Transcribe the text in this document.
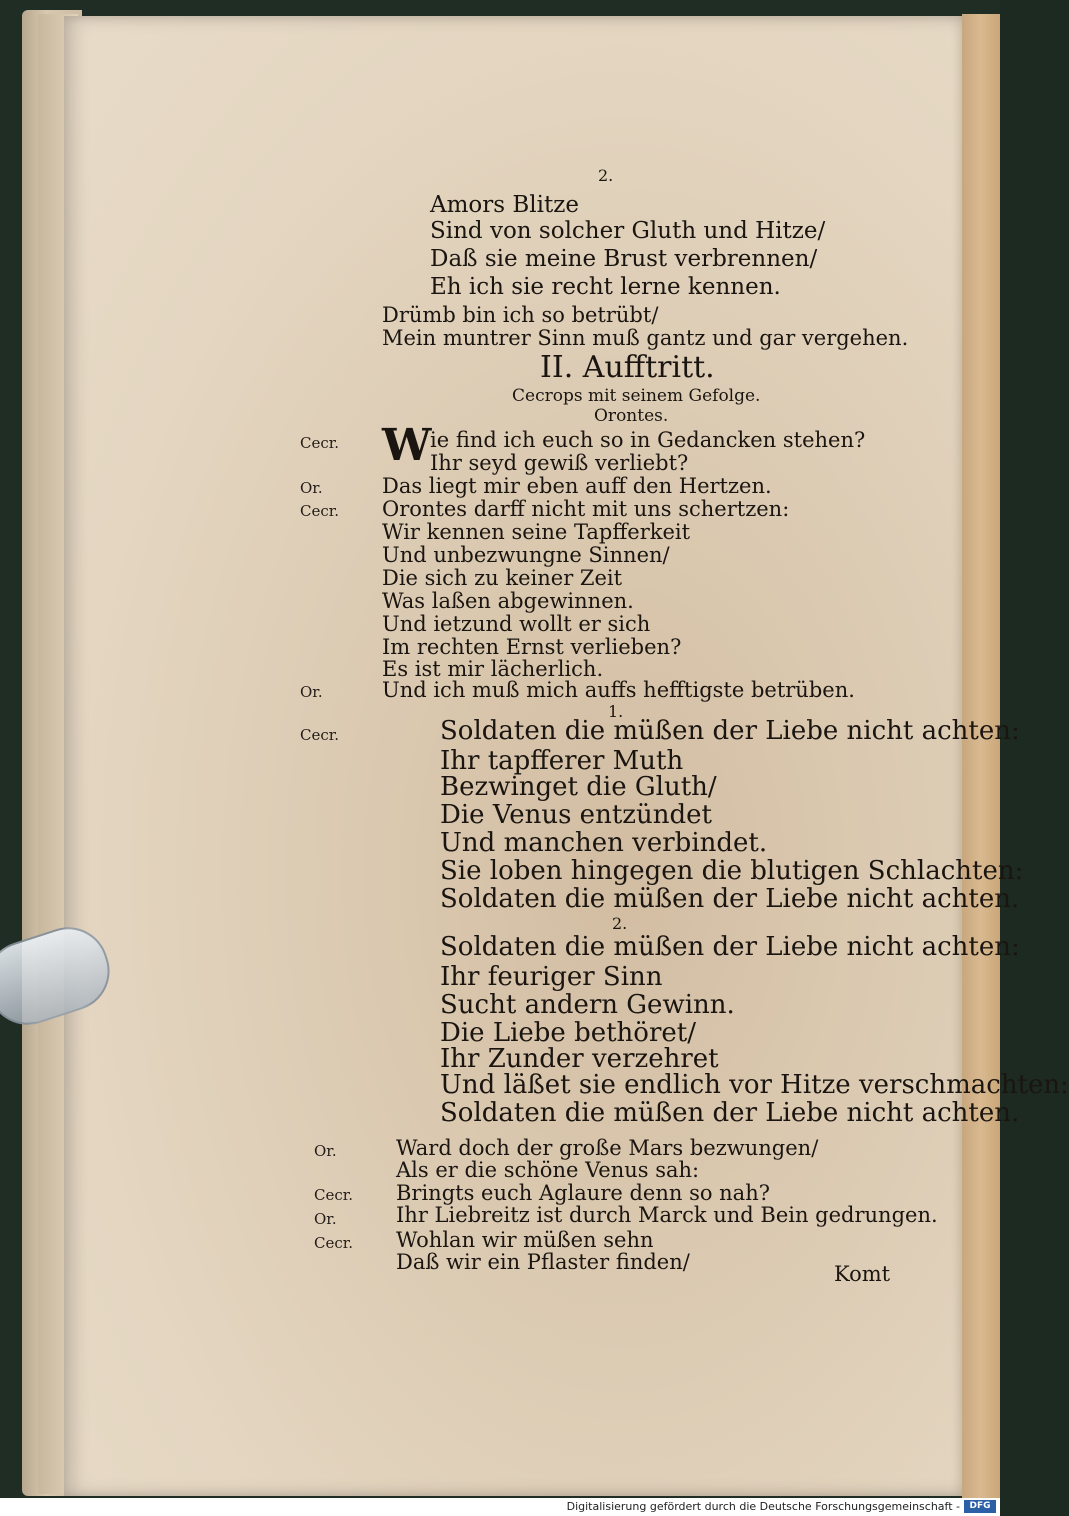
2.
Amors Blitze
Sind von solcher Gluth und Hitze/
Daß sie meine Brust verbrennen/
Eh ich sie recht lerne kennen.
Drümb bin ich so betrübt/
Mein muntrer Sinn muß gantz und gar vergehen.
II. Aufftritt.
Cecrops mit seinem Gefolge.
Orontes.
W
Cecr.	ie find ich euch so in Gedancken stehen?
Ihr seyd gewiß verliebt?
Or.	Das liegt mir eben auff den Hertzen.
Cecr. Orontes darff nicht mit uns schertzen:
Wir kennen seine Tapfferkeit
Und unbezwungne Sinnen/
Die sich zu keiner Zeit
Was laßen abgewinnen.
Und ietzund wollt er sich
Im rechten Ernst verlieben?
Es ist mir lächerlich.
Or.	Und ich muß mich auffs hefftigste betrüben.
1.
Cecr.	Soldaten die müßen der Liebe nicht achten:
Ihr tapfferer Muth
Bezwinget die Gluth/
Die Venus entzündet
Und manchen verbindet.
Sie loben hingegen die blutigen Schlachten:
Soldaten die müßen der Liebe nicht achten.
2.
Soldaten die müßen der Liebe nicht achten:
Ihr feuriger Sinn
Sucht andern Gewinn.
Die Liebe bethöret/
Ihr Zunder verzehret
Und läßet sie endlich vor Hitze verschmachten:
Soldaten die müßen der Liebe nicht achten.
Or.	Ward doch der große Mars bezwungen/
Als er die schöne Venus sah:
Cecr. Bringts euch Aglaure denn so nah?
Or.	Ihr Liebreitz ist durch Marck und Bein gedrungen.
Cecr. Wohlan wir müßen sehn
Daß wir ein Pflaster finden/	Komt
Digitalisierung gefördert durch die Deutsche Forschungsgemeinschaft -	DFG
